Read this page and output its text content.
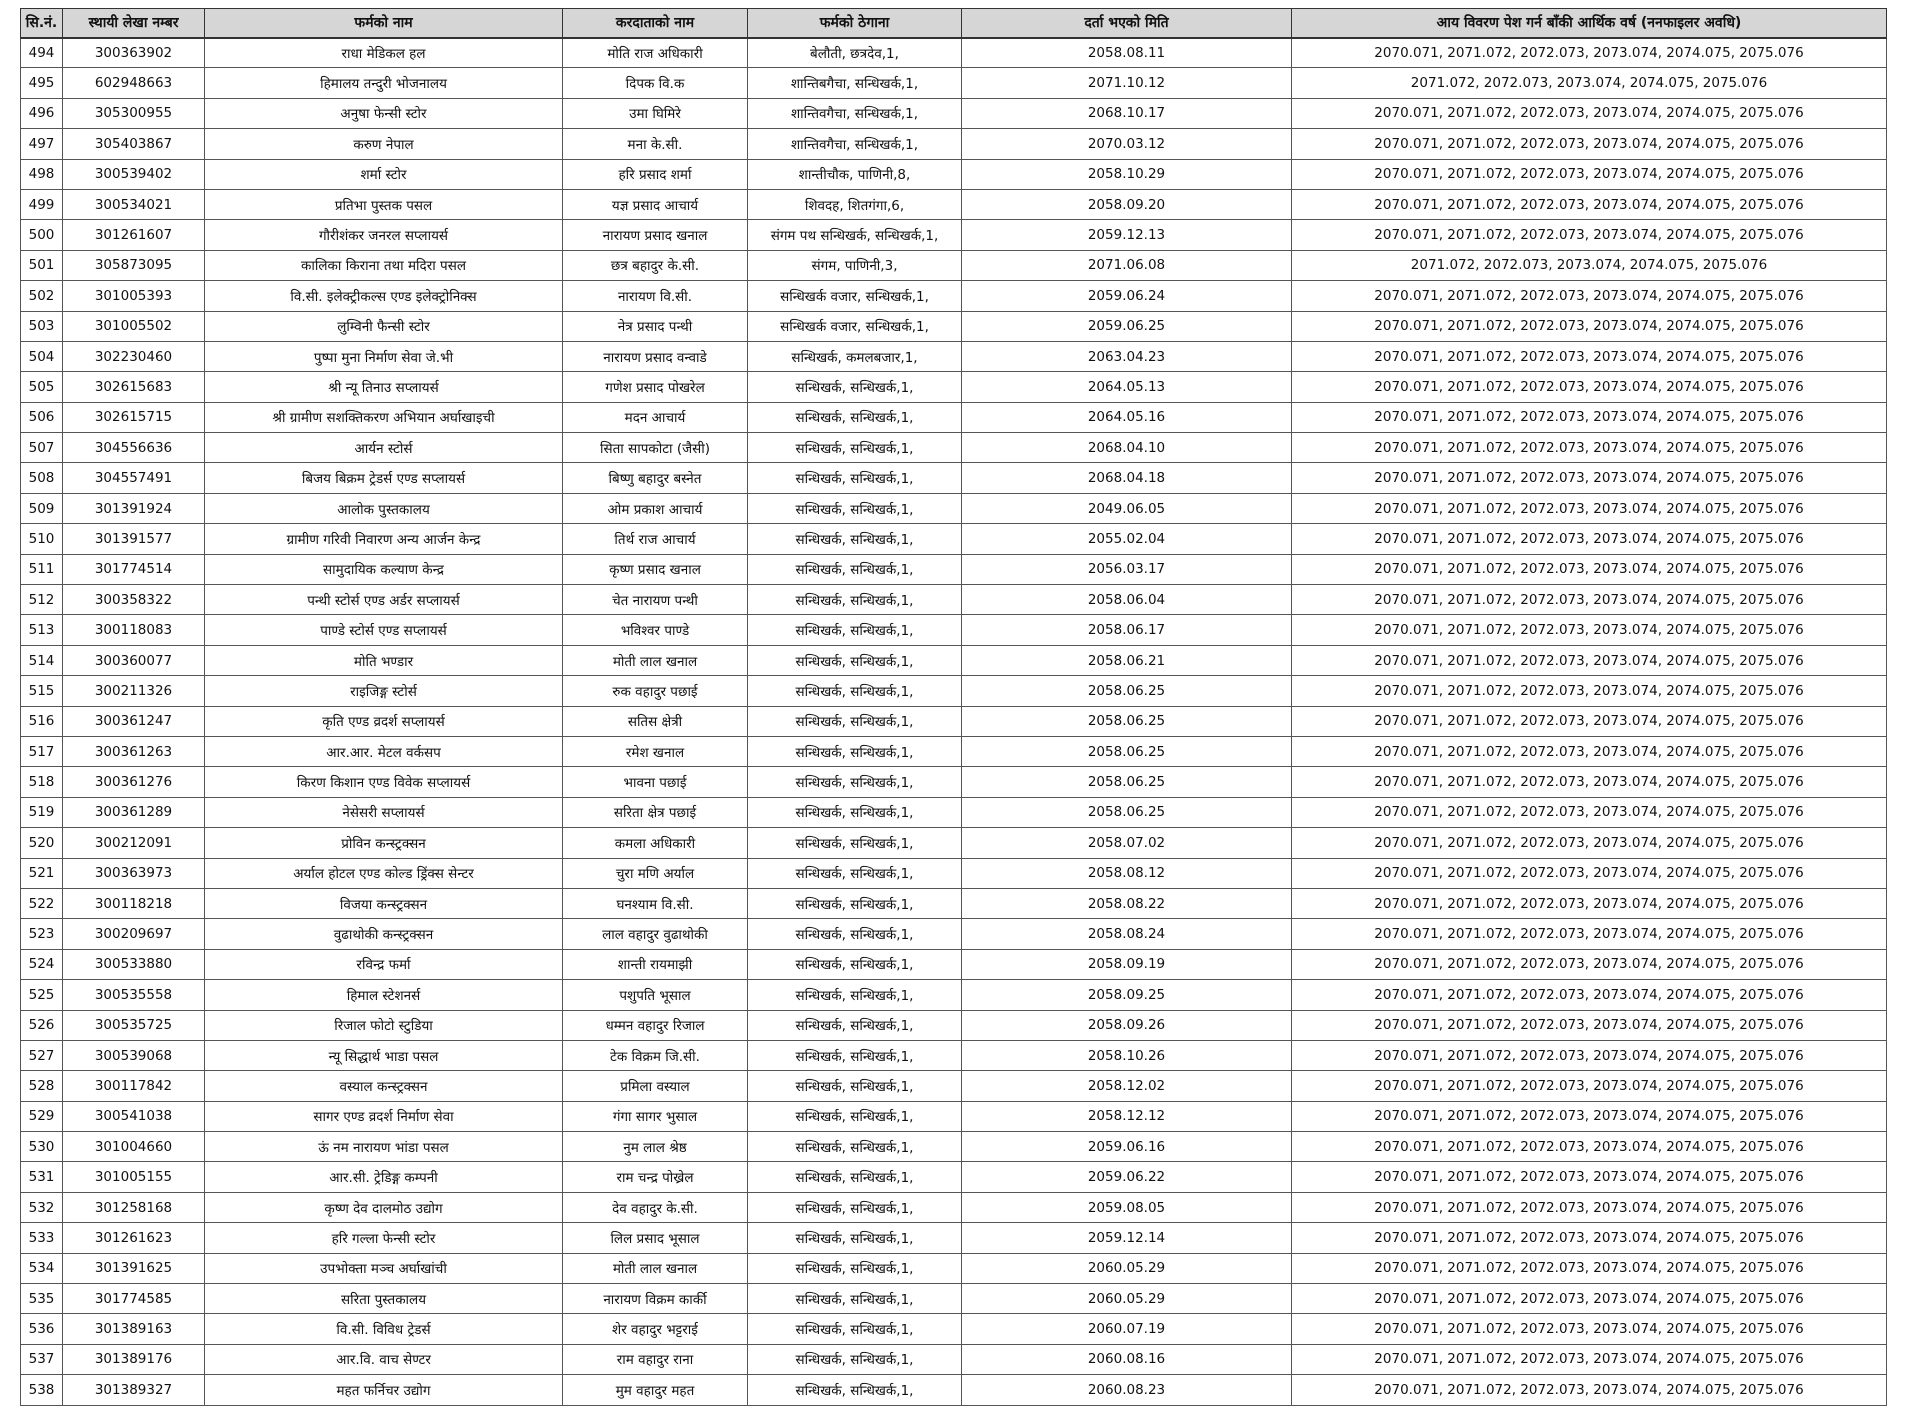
सि.नं.	स्थायी लेखा नम्बर	फर्मको नाम	करदाताको नाम	फर्मको ठेगाना	दर्ता भएको मिति	आय विवरण पेश गर्न बाँकी आर्थिक वर्ष (ननफाइलर अवधि)
494	300363902	राधा मेडिकल हल	मोति राज अधिकारी	बेलौती, छत्रदेव,1,	2058.08.11	2070.071, 2071.072, 2072.073, 2073.074, 2074.075, 2075.076
495	602948663	हिमालय तन्दुरी भोजनालय	दिपक वि.क	शान्तिबगैचा, सन्धिखर्क,1,	2071.10.12	2071.072, 2072.073, 2073.074, 2074.075, 2075.076
496	305300955	अनुषा फेन्सी स्टोर	उमा घिमिरे	शान्तिवगैचा, सन्धिखर्क,1,	2068.10.17	2070.071, 2071.072, 2072.073, 2073.074, 2074.075, 2075.076
497	305403867	करुण नेपाल	मना के.सी.	शान्तिवगैचा, सन्धिखर्क,1,	2070.03.12	2070.071, 2071.072, 2072.073, 2073.074, 2074.075, 2075.076
498	300539402	शर्मा स्टोर	हरि प्रसाद शर्मा	शान्तीचौक, पाणिनी,8,	2058.10.29	2070.071, 2071.072, 2072.073, 2073.074, 2074.075, 2075.076
499	300534021	प्रतिभा पुस्तक पसल	यज्ञ प्रसाद आचार्य	शिवदह, शितगंगा,6,	2058.09.20	2070.071, 2071.072, 2072.073, 2073.074, 2074.075, 2075.076
500	301261607	गौरीशंकर जनरल सप्लायर्स	नारायण प्रसाद खनाल	संगम पथ सन्धिखर्क, सन्धिखर्क,1,	2059.12.13	2070.071, 2071.072, 2072.073, 2073.074, 2074.075, 2075.076
501	305873095	कालिका किराना तथा मदिरा पसल	छत्र बहादुर के.सी.	संगम, पाणिनी,3,	2071.06.08	2071.072, 2072.073, 2073.074, 2074.075, 2075.076
502	301005393	वि.सी. इलेक्ट्रीकल्स एण्ड इलेक्ट्रोनिक्स	नारायण वि.सी.	सन्धिखर्क वजार, सन्धिखर्क,1,	2059.06.24	2070.071, 2071.072, 2072.073, 2073.074, 2074.075, 2075.076
503	301005502	लुम्विनी फैन्सी स्टोर	नेत्र प्रसाद पन्थी	सन्धिखर्क वजार, सन्धिखर्क,1,	2059.06.25	2070.071, 2071.072, 2072.073, 2073.074, 2074.075, 2075.076
504	302230460	पुष्पा मुना निर्माण सेवा जे.भी	नारायण प्रसाद वन्वाडे	सन्धिखर्क, कमलबजार,1,	2063.04.23	2070.071, 2071.072, 2072.073, 2073.074, 2074.075, 2075.076
505	302615683	श्री न्यू तिनाउ सप्लायर्स	गणेश प्रसाद पोखरेल	सन्धिखर्क, सन्धिखर्क,1,	2064.05.13	2070.071, 2071.072, 2072.073, 2073.074, 2074.075, 2075.076
506	302615715	श्री ग्रामीण सशक्तिकरण अभियान अर्घाखाइची	मदन आचार्य	सन्धिखर्क, सन्धिखर्क,1,	2064.05.16	2070.071, 2071.072, 2072.073, 2073.074, 2074.075, 2075.076
507	304556636	आर्यन स्टोर्स	सिता सापकोटा (जैसी)	सन्धिखर्क, सन्धिखर्क,1,	2068.04.10	2070.071, 2071.072, 2072.073, 2073.074, 2074.075, 2075.076
508	304557491	बिजय बिक्रम ट्रेडर्स एण्ड सप्लायर्स	बिष्णु बहादुर बस्नेत	सन्धिखर्क, सन्धिखर्क,1,	2068.04.18	2070.071, 2071.072, 2072.073, 2073.074, 2074.075, 2075.076
509	301391924	आलोक पुस्तकालय	ओम प्रकाश आचार्य	सन्धिखर्क, सन्धिखर्क,1,	2049.06.05	2070.071, 2071.072, 2072.073, 2073.074, 2074.075, 2075.076
510	301391577	ग्रामीण गरिवी निवारण अन्य आर्जन केन्द्र	तिर्थ राज आचार्य	सन्धिखर्क, सन्धिखर्क,1,	2055.02.04	2070.071, 2071.072, 2072.073, 2073.074, 2074.075, 2075.076
511	301774514	सामुदायिक कल्याण केन्द्र	कृष्ण प्रसाद खनाल	सन्धिखर्क, सन्धिखर्क,1,	2056.03.17	2070.071, 2071.072, 2072.073, 2073.074, 2074.075, 2075.076
512	300358322	पन्थी स्टोर्स एण्ड अर्डर सप्लायर्स	चेत नारायण पन्थी	सन्धिखर्क, सन्धिखर्क,1,	2058.06.04	2070.071, 2071.072, 2072.073, 2073.074, 2074.075, 2075.076
513	300118083	पाण्डे स्टोर्स एण्ड सप्लायर्स	भविश्वर पाण्डे	सन्धिखर्क, सन्धिखर्क,1,	2058.06.17	2070.071, 2071.072, 2072.073, 2073.074, 2074.075, 2075.076
514	300360077	मोति भण्डार	मोती लाल खनाल	सन्धिखर्क, सन्धिखर्क,1,	2058.06.21	2070.071, 2071.072, 2072.073, 2073.074, 2074.075, 2075.076
515	300211326	राइजिङ्ग स्टोर्स	रुक वहादुर पछाई	सन्धिखर्क, सन्धिखर्क,1,	2058.06.25	2070.071, 2071.072, 2072.073, 2073.074, 2074.075, 2075.076
516	300361247	कृति एण्ड व्रदर्श सप्लायर्स	सतिस क्षेत्री	सन्धिखर्क, सन्धिखर्क,1,	2058.06.25	2070.071, 2071.072, 2072.073, 2073.074, 2074.075, 2075.076
517	300361263	आर.आर. मेटल वर्कसप	रमेश खनाल	सन्धिखर्क, सन्धिखर्क,1,	2058.06.25	2070.071, 2071.072, 2072.073, 2073.074, 2074.075, 2075.076
518	300361276	किरण किशान एण्ड विवेक सप्लायर्स	भावना पछाई	सन्धिखर्क, सन्धिखर्क,1,	2058.06.25	2070.071, 2071.072, 2072.073, 2073.074, 2074.075, 2075.076
519	300361289	नेसेसरी सप्लायर्स	सरिता क्षेत्र पछाई	सन्धिखर्क, सन्धिखर्क,1,	2058.06.25	2070.071, 2071.072, 2072.073, 2073.074, 2074.075, 2075.076
520	300212091	प्रोविन कन्स्ट्रक्सन	कमला अधिकारी	सन्धिखर्क, सन्धिखर्क,1,	2058.07.02	2070.071, 2071.072, 2072.073, 2073.074, 2074.075, 2075.076
521	300363973	अर्याल होटल एण्ड कोल्ड ड्रिंक्स सेन्टर	चुरा मणि अर्याल	सन्धिखर्क, सन्धिखर्क,1,	2058.08.12	2070.071, 2071.072, 2072.073, 2073.074, 2074.075, 2075.076
522	300118218	विजया कन्स्ट्रक्सन	घनश्याम वि.सी.	सन्धिखर्क, सन्धिखर्क,1,	2058.08.22	2070.071, 2071.072, 2072.073, 2073.074, 2074.075, 2075.076
523	300209697	वुढाथोकी कन्स्ट्रक्सन	लाल वहादुर वुढाथोकी	सन्धिखर्क, सन्धिखर्क,1,	2058.08.24	2070.071, 2071.072, 2072.073, 2073.074, 2074.075, 2075.076
524	300533880	रविन्द्र फर्मा	शान्ती रायमाझी	सन्धिखर्क, सन्धिखर्क,1,	2058.09.19	2070.071, 2071.072, 2072.073, 2073.074, 2074.075, 2075.076
525	300535558	हिमाल स्टेशनर्स	पशुपति भूसाल	सन्धिखर्क, सन्धिखर्क,1,	2058.09.25	2070.071, 2071.072, 2072.073, 2073.074, 2074.075, 2075.076
526	300535725	रिजाल फोटो स्टुडिया	धम्मन वहादुर रिजाल	सन्धिखर्क, सन्धिखर्क,1,	2058.09.26	2070.071, 2071.072, 2072.073, 2073.074, 2074.075, 2075.076
527	300539068	न्यू सिद्धार्थ भाडा पसल	टेक विक्रम जि.सी.	सन्धिखर्क, सन्धिखर्क,1,	2058.10.26	2070.071, 2071.072, 2072.073, 2073.074, 2074.075, 2075.076
528	300117842	वस्याल कन्स्ट्रक्सन	प्रमिला वस्याल	सन्धिखर्क, सन्धिखर्क,1,	2058.12.02	2070.071, 2071.072, 2072.073, 2073.074, 2074.075, 2075.076
529	300541038	सागर एण्ड व्रदर्श निर्माण सेवा	गंगा सागर भुसाल	सन्धिखर्क, सन्धिखर्क,1,	2058.12.12	2070.071, 2071.072, 2072.073, 2073.074, 2074.075, 2075.076
530	301004660	ऊं नम नारायण भांडा पसल	नुम लाल श्रेष्ठ	सन्धिखर्क, सन्धिखर्क,1,	2059.06.16	2070.071, 2071.072, 2072.073, 2073.074, 2074.075, 2075.076
531	301005155	आर.सी. ट्रेडिङ्ग कम्पनी	राम चन्द्र पोख्रेल	सन्धिखर्क, सन्धिखर्क,1,	2059.06.22	2070.071, 2071.072, 2072.073, 2073.074, 2074.075, 2075.076
532	301258168	कृष्ण देव दालमोठ उद्योग	देव वहादुर के.सी.	सन्धिखर्क, सन्धिखर्क,1,	2059.08.05	2070.071, 2071.072, 2072.073, 2073.074, 2074.075, 2075.076
533	301261623	हरि गल्ला फेन्सी स्टोर	लिल प्रसाद भूसाल	सन्धिखर्क, सन्धिखर्क,1,	2059.12.14	2070.071, 2071.072, 2072.073, 2073.074, 2074.075, 2075.076
534	301391625	उपभोक्ता मञ्च अर्घाखांची	मोती लाल खनाल	सन्धिखर्क, सन्धिखर्क,1,	2060.05.29	2070.071, 2071.072, 2072.073, 2073.074, 2074.075, 2075.076
535	301774585	सरिता पुस्तकालय	नारायण विक्रम कार्की	सन्धिखर्क, सन्धिखर्क,1,	2060.05.29	2070.071, 2071.072, 2072.073, 2073.074, 2074.075, 2075.076
536	301389163	वि.सी. विविध ट्रेडर्स	शेर वहादुर भट्टराई	सन्धिखर्क, सन्धिखर्क,1,	2060.07.19	2070.071, 2071.072, 2072.073, 2073.074, 2074.075, 2075.076
537	301389176	आर.वि. वाच सेण्टर	राम वहादुर राना	सन्धिखर्क, सन्धिखर्क,1,	2060.08.16	2070.071, 2071.072, 2072.073, 2073.074, 2074.075, 2075.076
538	301389327	महत फर्निचर उद्योग	मुम वहादुर महत	सन्धिखर्क, सन्धिखर्क,1,	2060.08.23	2070.071, 2071.072, 2072.073, 2073.074, 2074.075, 2075.076
